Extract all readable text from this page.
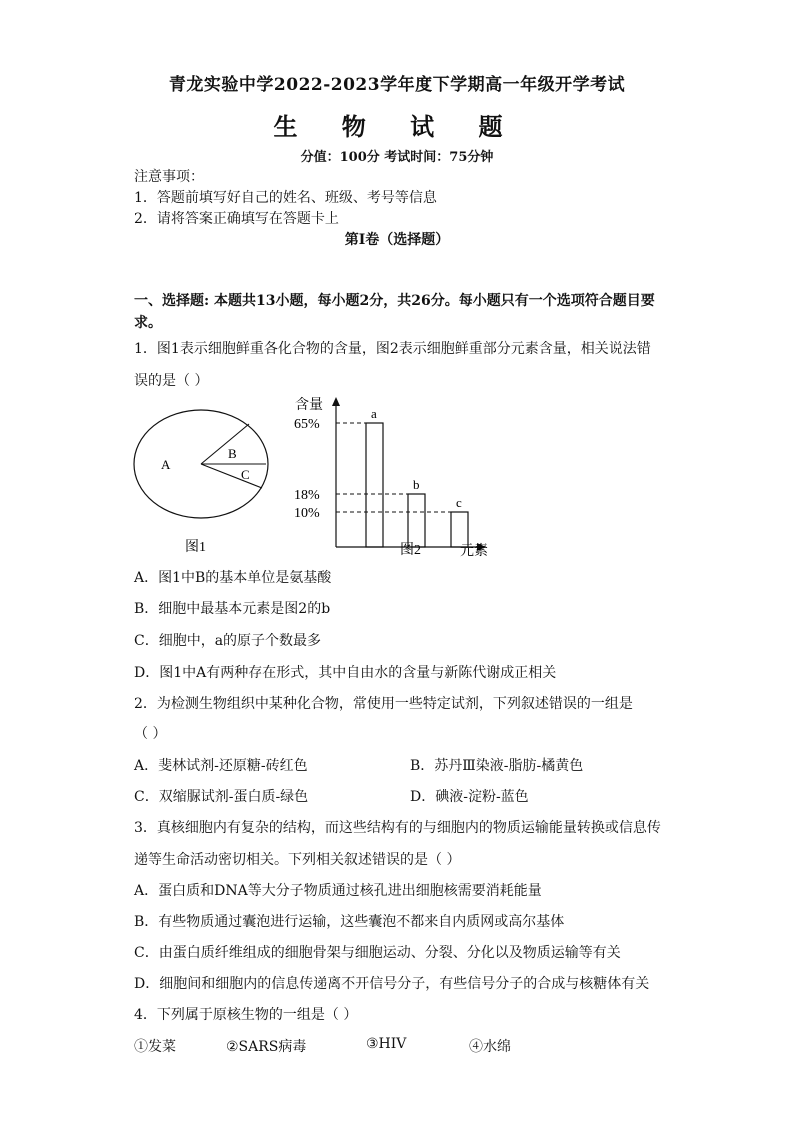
青龙实验中学2022-2023学年度下学期高一年级开学考试
生 物 试 题
分值：100分 考试时间：75分钟
注意事项：
1．答题前填写好自己的姓名、班级、考号等信息
2．请将答案正确填写在答题卡上
第I卷（选择题）
一、选择题: 本题共13小题，每小题2分，共26分。每小题只有一个选项符合题目要
求。
1．图1表示细胞鲜重各化合物的含量，图2表示细胞鲜重部分元素含量，相关说法错
误的是（ ）
A
B
C
图1
含量
图2	元素
a
65%
b
18%	c
10%
A．图1中B的基本单位是氨基酸
B．细胞中最基本元素是图2的b
C．细胞中，a的原子个数最多
D．图1中A有两种存在形式，其中自由水的含量与新陈代谢成正相关
2．为检测生物组织中某种化合物，常使用一些特定试剂，下列叙述错误的一组是
（ ）
A．斐林试剂-还原糖-砖红色	B．苏丹Ⅲ染液-脂肪-橘黄色
C．双缩脲试剂-蛋白质-绿色	D．碘液-淀粉-蓝色
3．真核细胞内有复杂的结构，而这些结构有的与细胞内的物质运输能量转换或信息传
递等生命活动密切相关。下列相关叙述错误的是（ ）
A．蛋白质和DNA等大分子物质通过核孔进出细胞核需要消耗能量
B．有些物质通过囊泡进行运输，这些囊泡不都来自内质网或高尔基体
C．由蛋白质纤维组成的细胞骨架与细胞运动、分裂、分化以及物质运输等有关
D．细胞间和细胞内的信息传递离不开信号分子，有些信号分子的合成与核糖体有关
4．下列属于原核生物的一组是（ ）
①发菜	②SARS病毒	③HIV	④水绵
